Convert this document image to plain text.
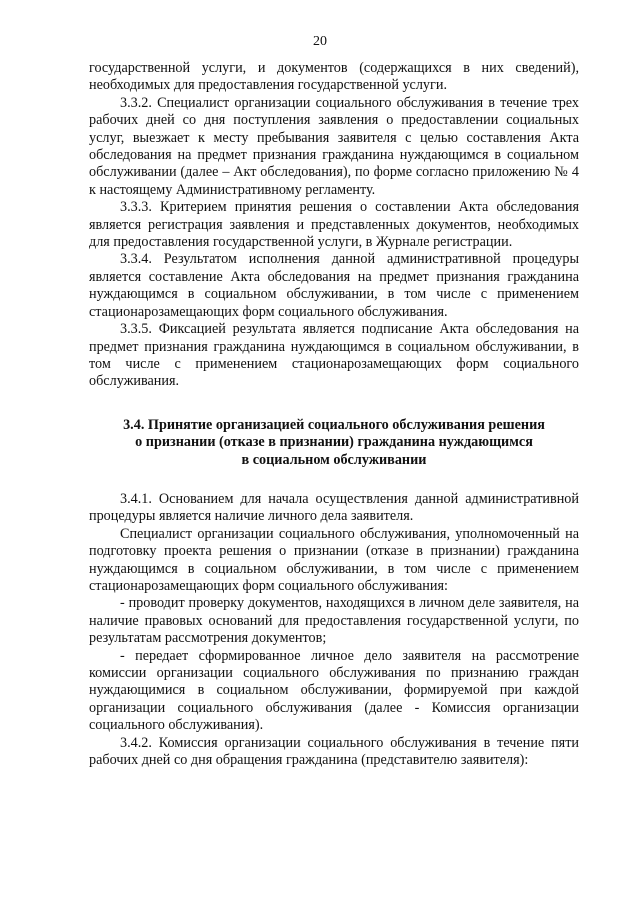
20

государственной услуги, и документов (содержащихся в них сведений), необходимых для предоставления государственной услуги.

3.3.2. Специалист организации социального обслуживания в течение трех рабочих дней со дня поступления заявления о предоставлении социальных услуг, выезжает к месту пребывания заявителя с целью составления Акта обследования на предмет признания гражданина нуждающимся в социальном обслуживании (далее – Акт обследования), по форме согласно приложению № 4 к настоящему Административному регламенту.

3.3.3. Критерием принятия решения о составлении Акта обследования является регистрация заявления и представленных документов, необходимых для предоставления государственной услуги, в Журнале регистрации.

3.3.4. Результатом исполнения данной административной процедуры является составление Акта обследования на предмет признания гражданина нуждающимся в социальном обслуживании, в том числе с применением стационарозамещающих форм социального обслуживания.

3.3.5. Фиксацией результата является подписание Акта обследования на предмет признания гражданина нуждающимся в социальном обслуживании, в том числе с применением стационарозамещающих форм социального обслуживания.

3.4. Принятие организацией социального обслуживания решения
о признании (отказе в признании) гражданина нуждающимся
в социальном обслуживании

3.4.1. Основанием для начала осуществления данной административной процедуры является наличие личного дела заявителя.

Специалист организации социального обслуживания, уполномоченный на подготовку проекта решения о признании (отказе в признании) гражданина нуждающимся в социальном обслуживании, в том числе с применением стационарозамещающих форм социального обслуживания:

- проводит проверку документов, находящихся в личном деле заявителя, на наличие правовых оснований для предоставления государственной услуги, по результатам рассмотрения документов;

- передает сформированное личное дело заявителя на рассмотрение комиссии организации социального обслуживания по признанию граждан нуждающимися в социальном обслуживании, формируемой при каждой организации социального обслуживания (далее - Комиссия организации социального обслуживания).

3.4.2. Комиссия организации социального обслуживания в течение пяти рабочих дней со дня обращения гражданина (представителю заявителя):
